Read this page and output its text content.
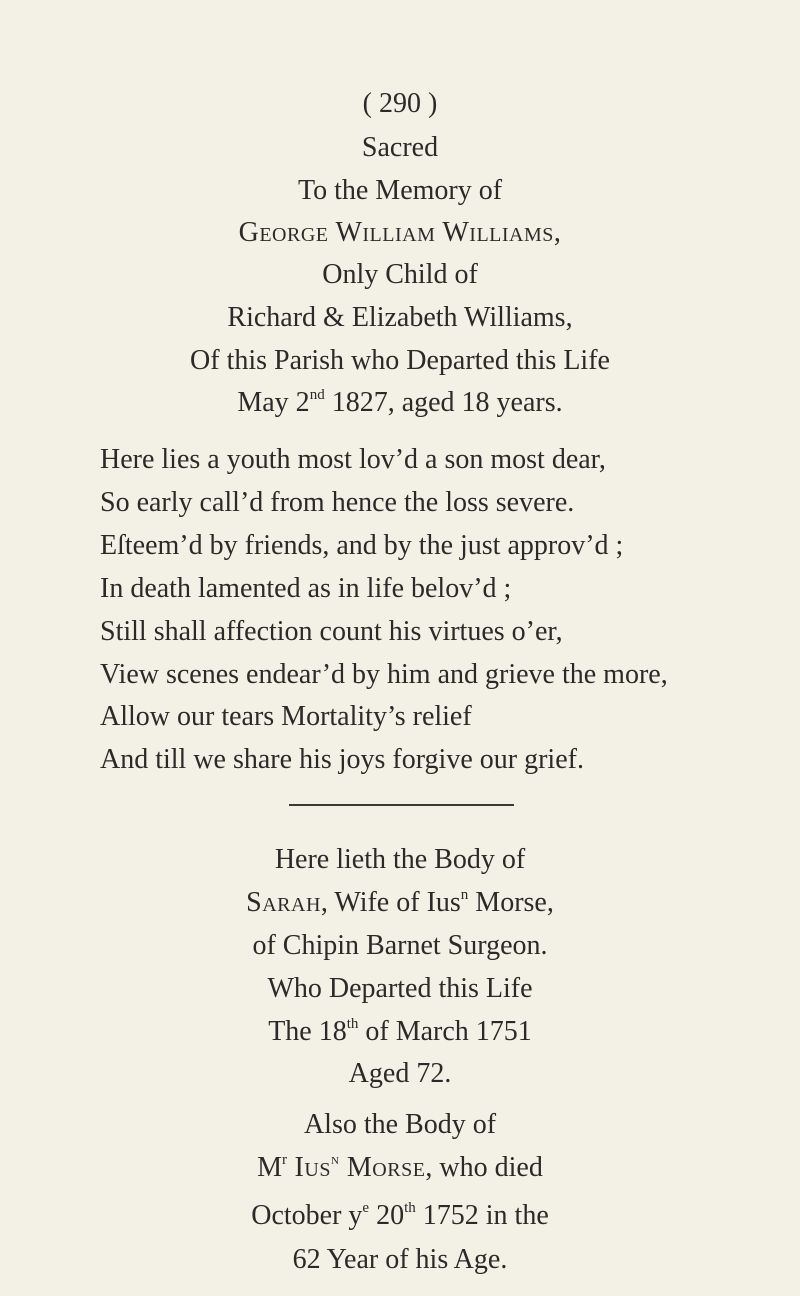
( 290 )
Sacred
To the Memory of
George William Williams,
Only Child of
Richard & Elizabeth Williams,
Of this Parish who Departed this Life
May 2nd 1827, aged 18 years.
Here lies a youth most lov’d a son most dear,
So early call’d from hence the loss severe.
Eſteem’d by friends, and by the just approv’d ;
In death lamented as in life belov’d ;
Still shall affection count his virtues o’er,
View scenes endear’d by him and grieve the more,
Allow our tears Mortality’s relief
And till we share his joys forgive our grief.
Here lieth the Body of
Sarah, Wife of Ius$^n$ Morse,
of Chipin Barnet Surgeon.
Who Departed this Life
The 18th of March 1751
Aged 72.
Also the Body of
$M^r$ Ius$^n$ Morse, who died
October $y^e$ 20th 1752 in the
62 Year of his Age.
